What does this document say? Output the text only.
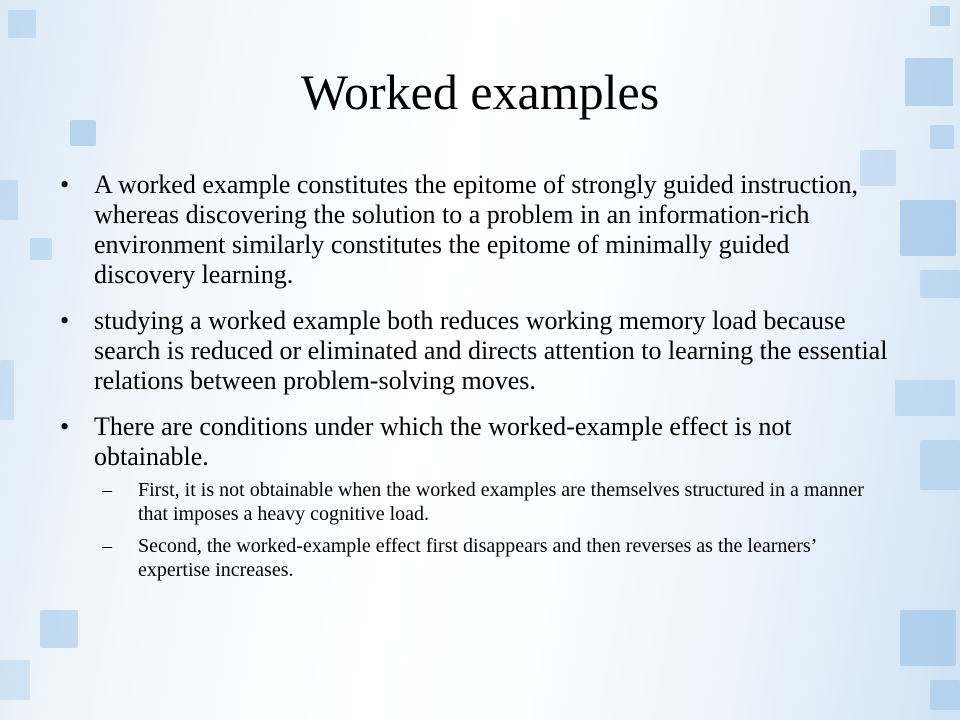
Worked examples
• A worked example constitutes the epitome of strongly guided instruction, whereas discovering the solution to a problem in an information-rich environment similarly constitutes the epitome of minimally guided discovery learning.
• studying a worked example both reduces working memory load because search is reduced or eliminated and directs attention to learning the essential relations between problem-solving moves.
• There are conditions under which the worked-example effect is not obtainable.
– First, it is not obtainable when the worked examples are themselves structured in a manner that imposes a heavy cognitive load.
– Second, the worked-example effect first disappears and then reverses as the learners’ expertise increases.
